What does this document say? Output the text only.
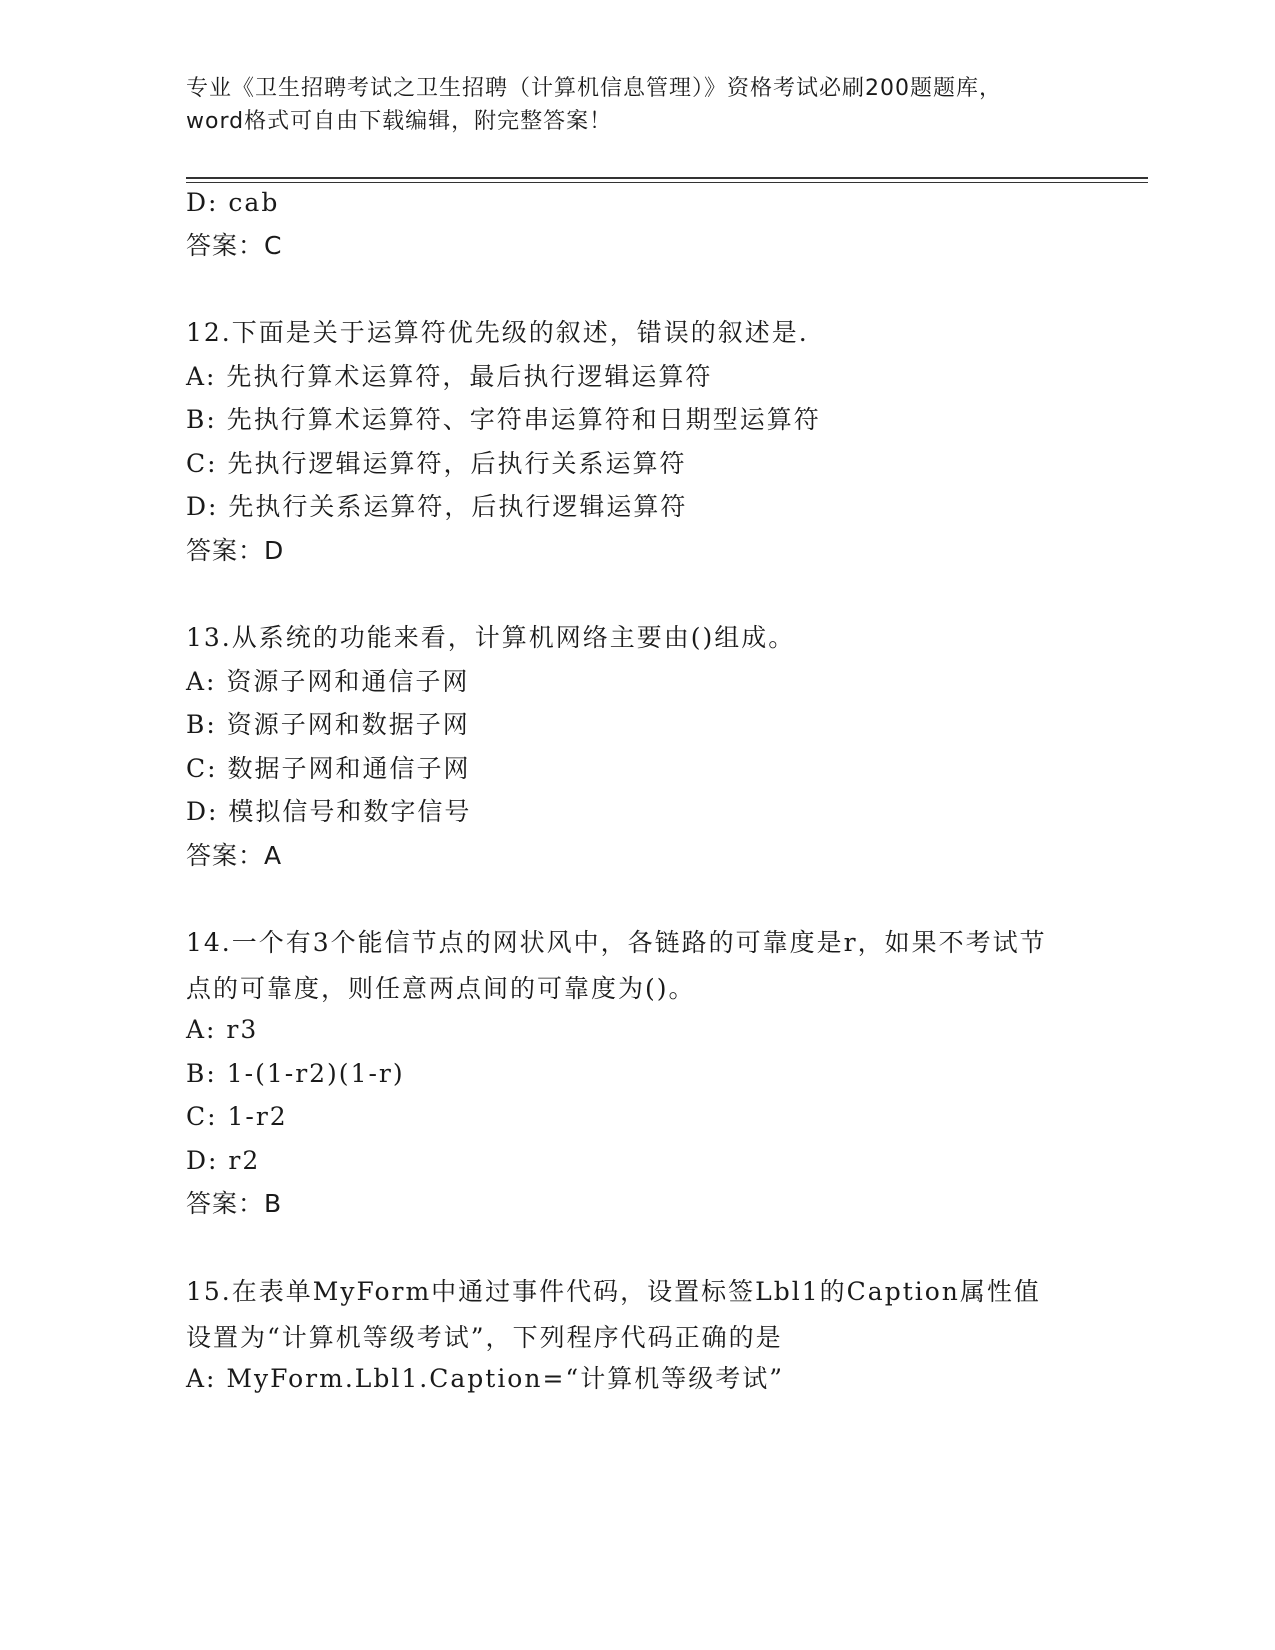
专业《卫生招聘考试之卫生招聘（计算机信息管理）》资格考试必刷200题题库，
word格式可自由下载编辑，附完整答案！
D: cab
答案：C
12.下面是关于运算符优先级的叙述，错误的叙述是.
A: 先执行算术运算符，最后执行逻辑运算符
B: 先执行算术运算符、字符串运算符和日期型运算符
C: 先执行逻辑运算符，后执行关系运算符
D: 先执行关系运算符，后执行逻辑运算符
答案：D
13.从系统的功能来看，计算机网络主要由()组成。
A: 资源子网和通信子网
B: 资源子网和数据子网
C: 数据子网和通信子网
D: 模拟信号和数字信号
答案：A
14.一个有3个能信节点的网状风中，各链路的可靠度是r，如果不考试节点的可靠度，则任意两点间的可靠度为()。
A: r3
B: 1-(1-r2)(1-r)
C: 1-r2
D: r2
答案：B
15.在表单MyForm中通过事件代码，设置标签Lbl1的Caption属性值设置为“计算机等级考试”，下列程序代码正确的是
A: MyForm.Lbl1.Caption=“计算机等级考试”
